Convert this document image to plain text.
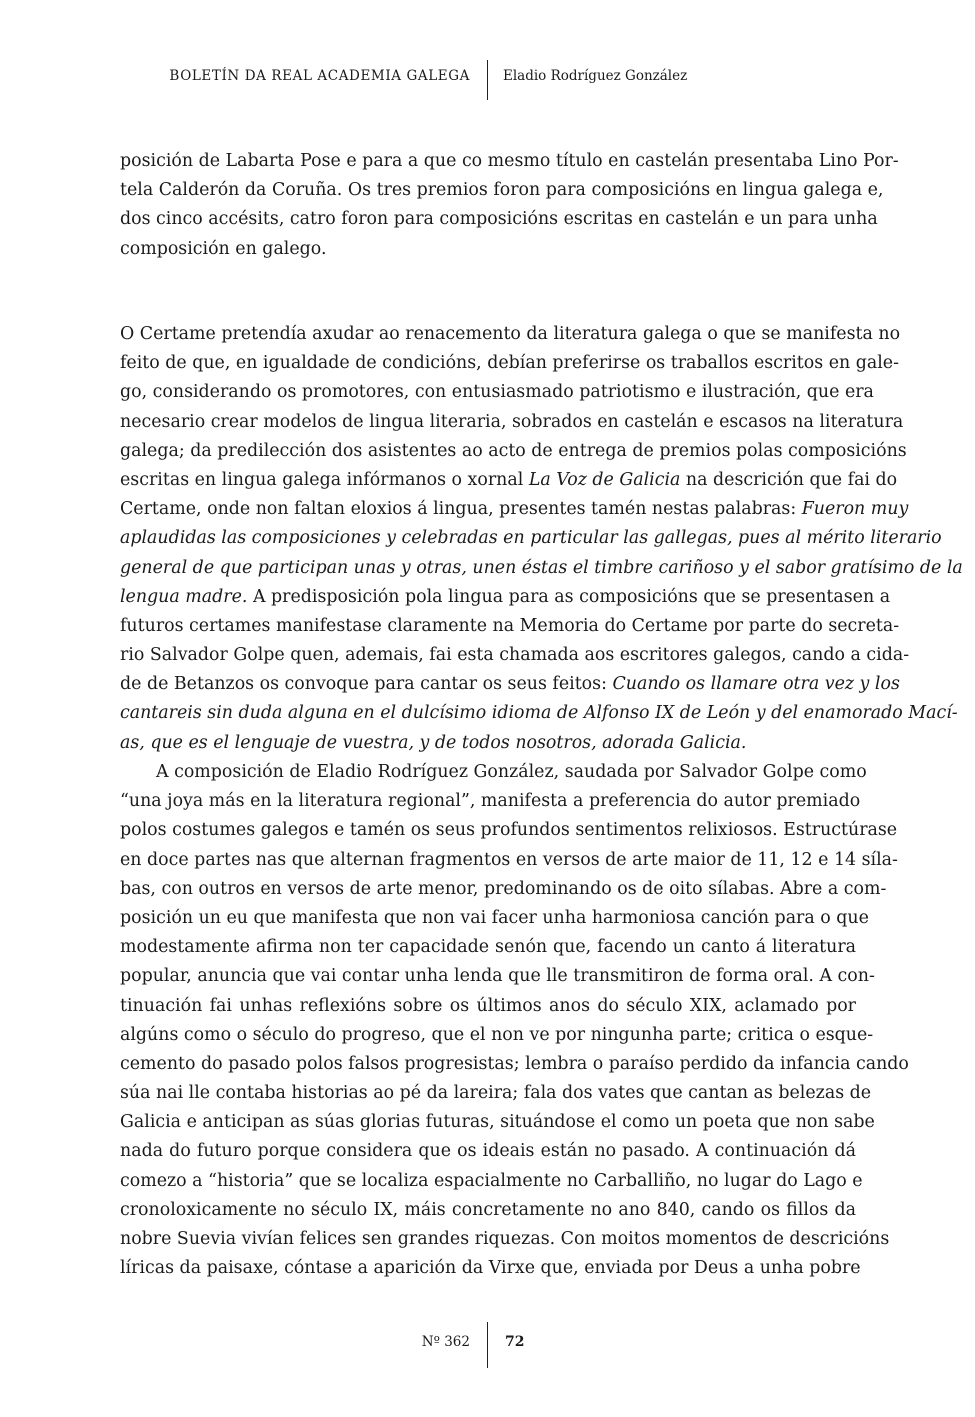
BOLETÍN DA REAL ACADEMIA GALEGA Eladio Rodríguez González
posición de Labarta Pose e para a que co mesmo título en castelán presentaba Lino Por-
tela Calderón da Coruña. Os tres premios foron para composicións en lingua galega e,
dos cinco accésits, catro foron para composicións escritas en castelán e un para unha
composición en galego.
O Certame pretendía axudar ao renacemento da literatura galega o que se manifesta no
feito de que, en igualdade de condicións, debían preferirse os traballos escritos en gale-
go, considerando os promotores, con entusiasmado patriotismo e ilustración, que era
necesario crear modelos de lingua literaria, sobrados en castelán e escasos na literatura
galega; da predilección dos asistentes ao acto de entrega de premios polas composicións
escritas en lingua galega infórmanos o xornal La Voz de Galicia na descrición que fai do
Certame, onde non faltan eloxios á lingua, presentes tamén nestas palabras: Fueron muy
aplaudidas las composiciones y celebradas en particular las gallegas, pues al mérito literario
general de que participan unas y otras, unen éstas el timbre cariñoso y el sabor gratísimo de la
lengua madre. A predisposición pola lingua para as composicións que se presentasen a
futuros certames manifestase claramente na Memoria do Certame por parte do secreta-
rio Salvador Golpe quen, ademais, fai esta chamada aos escritores galegos, cando a cida-
de de Betanzos os convoque para cantar os seus feitos: Cuando os llamare otra vez y los
cantareis sin duda alguna en el dulcísimo idioma de Alfonso IX de León y del enamorado Mací-
as, que es el lenguaje de vuestra, y de todos nosotros, adorada Galicia.
A composición de Eladio Rodríguez González, saudada por Salvador Golpe como
“una joya más en la literatura regional”, manifesta a preferencia do autor premiado
polos costumes galegos e tamén os seus profundos sentimentos relixiosos. Estructúrase
en doce partes nas que alternan fragmentos en versos de arte maior de 11, 12 e 14 síla-
bas, con outros en versos de arte menor, predominando os de oito sílabas. Abre a com-
posición un eu que manifesta que non vai facer unha harmoniosa canción para o que
modestamente afirma non ter capacidade senón que, facendo un canto á literatura
popular, anuncia que vai contar unha lenda que lle transmitiron de forma oral. A con-
tinuación fai unhas reflexións sobre os últimos anos do século XIX, aclamado por
algúns como o século do progreso, que el non ve por ningunha parte; critica o esque-
cemento do pasado polos falsos progresistas; lembra o paraíso perdido da infancia cando
súa nai lle contaba historias ao pé da lareira; fala dos vates que cantan as belezas de
Galicia e anticipan as súas glorias futuras, situándose el como un poeta que non sabe
nada do futuro porque considera que os ideais están no pasado. A continuación dá
comezo a “historia” que se localiza espacialmente no Carballiño, no lugar do Lago e
cronoloxicamente no século IX, máis concretamente no ano 840, cando os fillos da
nobre Suevia vivían felices sen grandes riquezas. Con moitos momentos de descricións
líricas da paisaxe, cóntase a aparición da Virxe que, enviada por Deus a unha pobre
Nº 362	72
